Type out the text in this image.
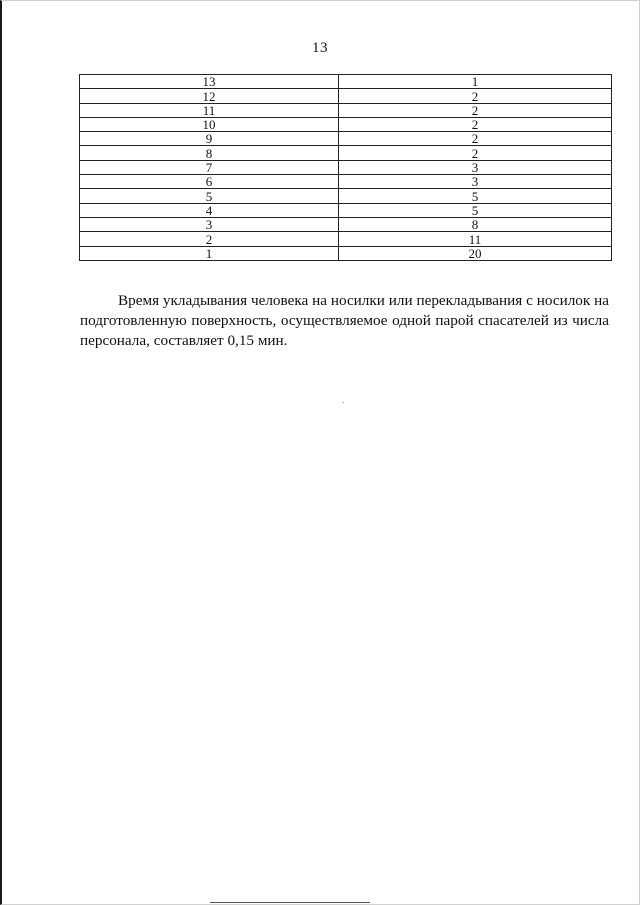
13
13	1
12	2
11	2
10	2
9	2
8	2
7	3
6	3
5	5
4	5
3	8
2	11
1	20
Время укладывания человека на носилки или перекладывания с носилок на подготовленную поверхность, осуществляемое одной парой спасателей из числа персонала, составляет 0,15 мин.
